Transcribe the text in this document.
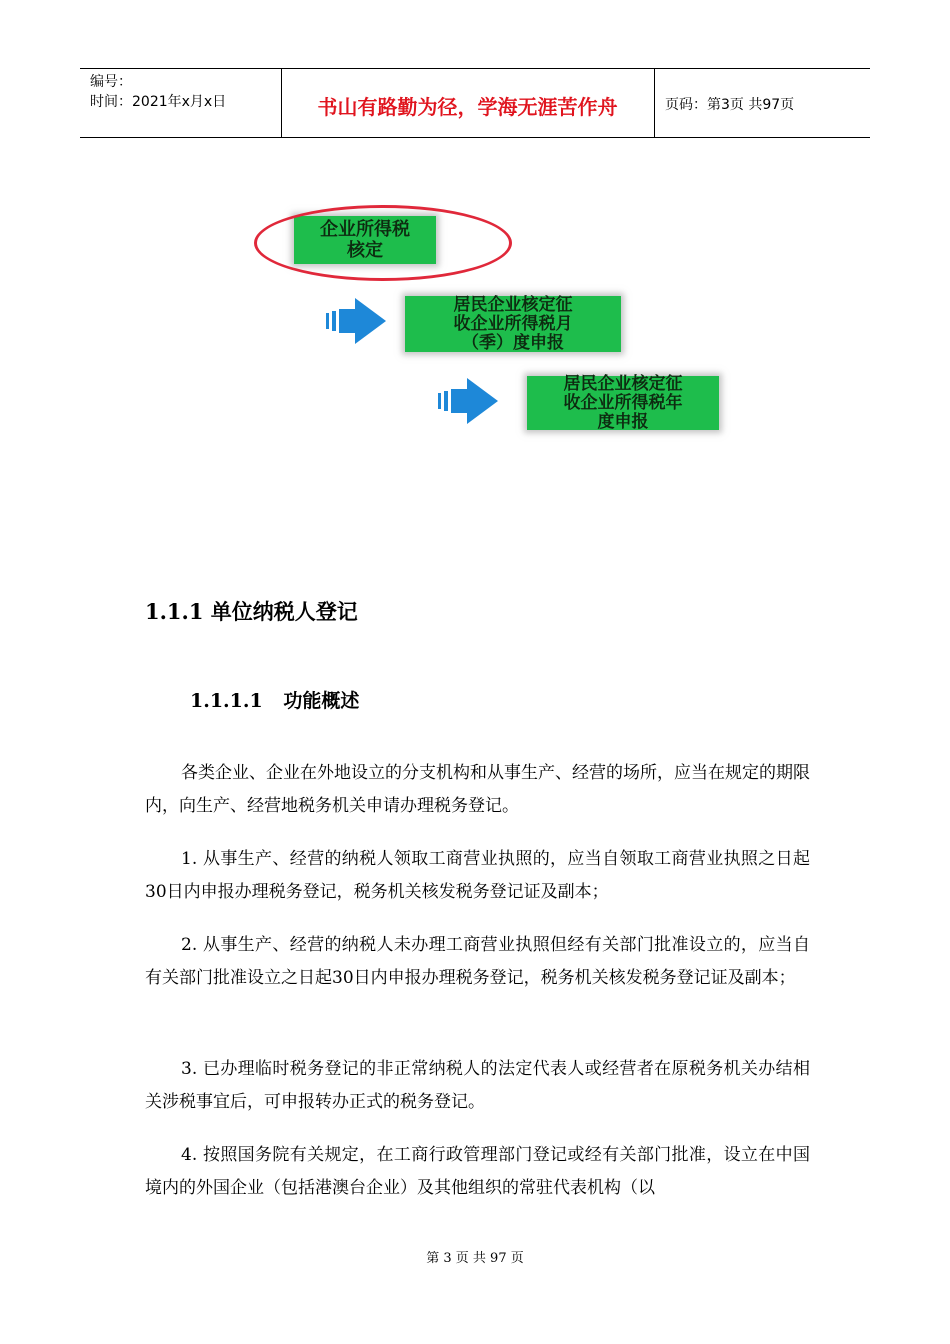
编号：
时间：2021年x月x日	书山有路勤为径，学海无涯苦作舟	页码：第3页 共97页
企业所得税
核定
居民企业核定征
收企业所得税月
（季）度申报
居民企业核定征
收企业所得税年
度申报
1.1.1 单位纳税人登记
1.1.1.1 功能概述

各类企业、企业在外地设立的分支机构和从事生产、经营的场所，应当在规定的期限内，向生产、经营地税务机关申请办理税务登记。

1. 从事生产、经营的纳税人领取工商营业执照的，应当自领取工商营业执照之日起30日内申报办理税务登记，税务机关核发税务登记证及副本；

2. 从事生产、经营的纳税人未办理工商营业执照但经有关部门批准设立的，应当自有关部门批准设立之日起30日内申报办理税务登记，税务机关核发税务登记证及副本；

3. 已办理临时税务登记的非正常纳税人的法定代表人或经营者在原税务机关办结相关涉税事宜后，可申报转办正式的税务登记。

4. 按照国务院有关规定，在工商行政管理部门登记或经有关部门批准，设立在中国境内的外国企业（包括港澳台企业）及其他组织的常驻代表机构（以

第 3 页 共 97 页
